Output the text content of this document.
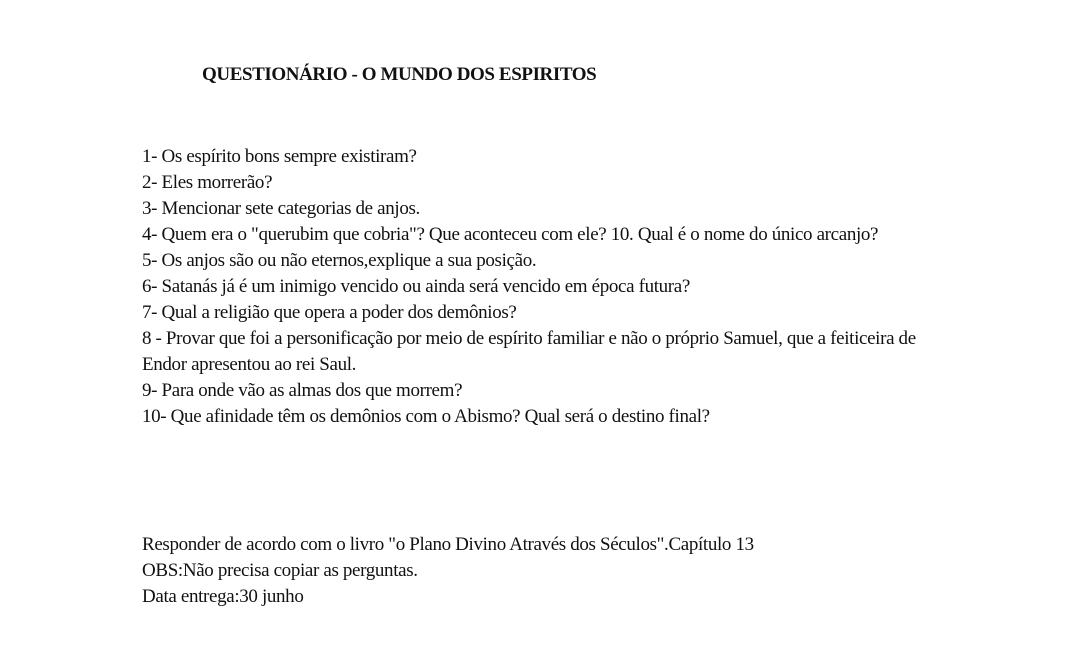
QUESTIONÁRIO - O MUNDO DOS ESPIRITOS

1- Os espírito bons sempre existiram?

2- Eles morrerão?

3- Mencionar sete categorias de anjos.

4- Quem era o "querubim que cobria"? Que aconteceu com ele? 10. Qual é o nome do único arcanjo?

5- Os anjos são ou não eternos,explique a sua posição.

6- Satanás já é um inimigo vencido ou ainda será vencido em época futura?

7- Qual a religião que opera a poder dos demônios?

8 - Provar que foi a personificação por meio de espírito familiar e não o próprio Samuel, que a feiticeira de Endor apresentou ao rei Saul.

9- Para onde vão as almas dos que morrem?

10- Que afinidade têm os demônios com o Abismo? Qual será o destino final?

Responder de acordo com o livro "o Plano Divino Através dos Séculos".Capítulo 13

OBS:Não precisa copiar as perguntas.

Data entrega:30 junho
